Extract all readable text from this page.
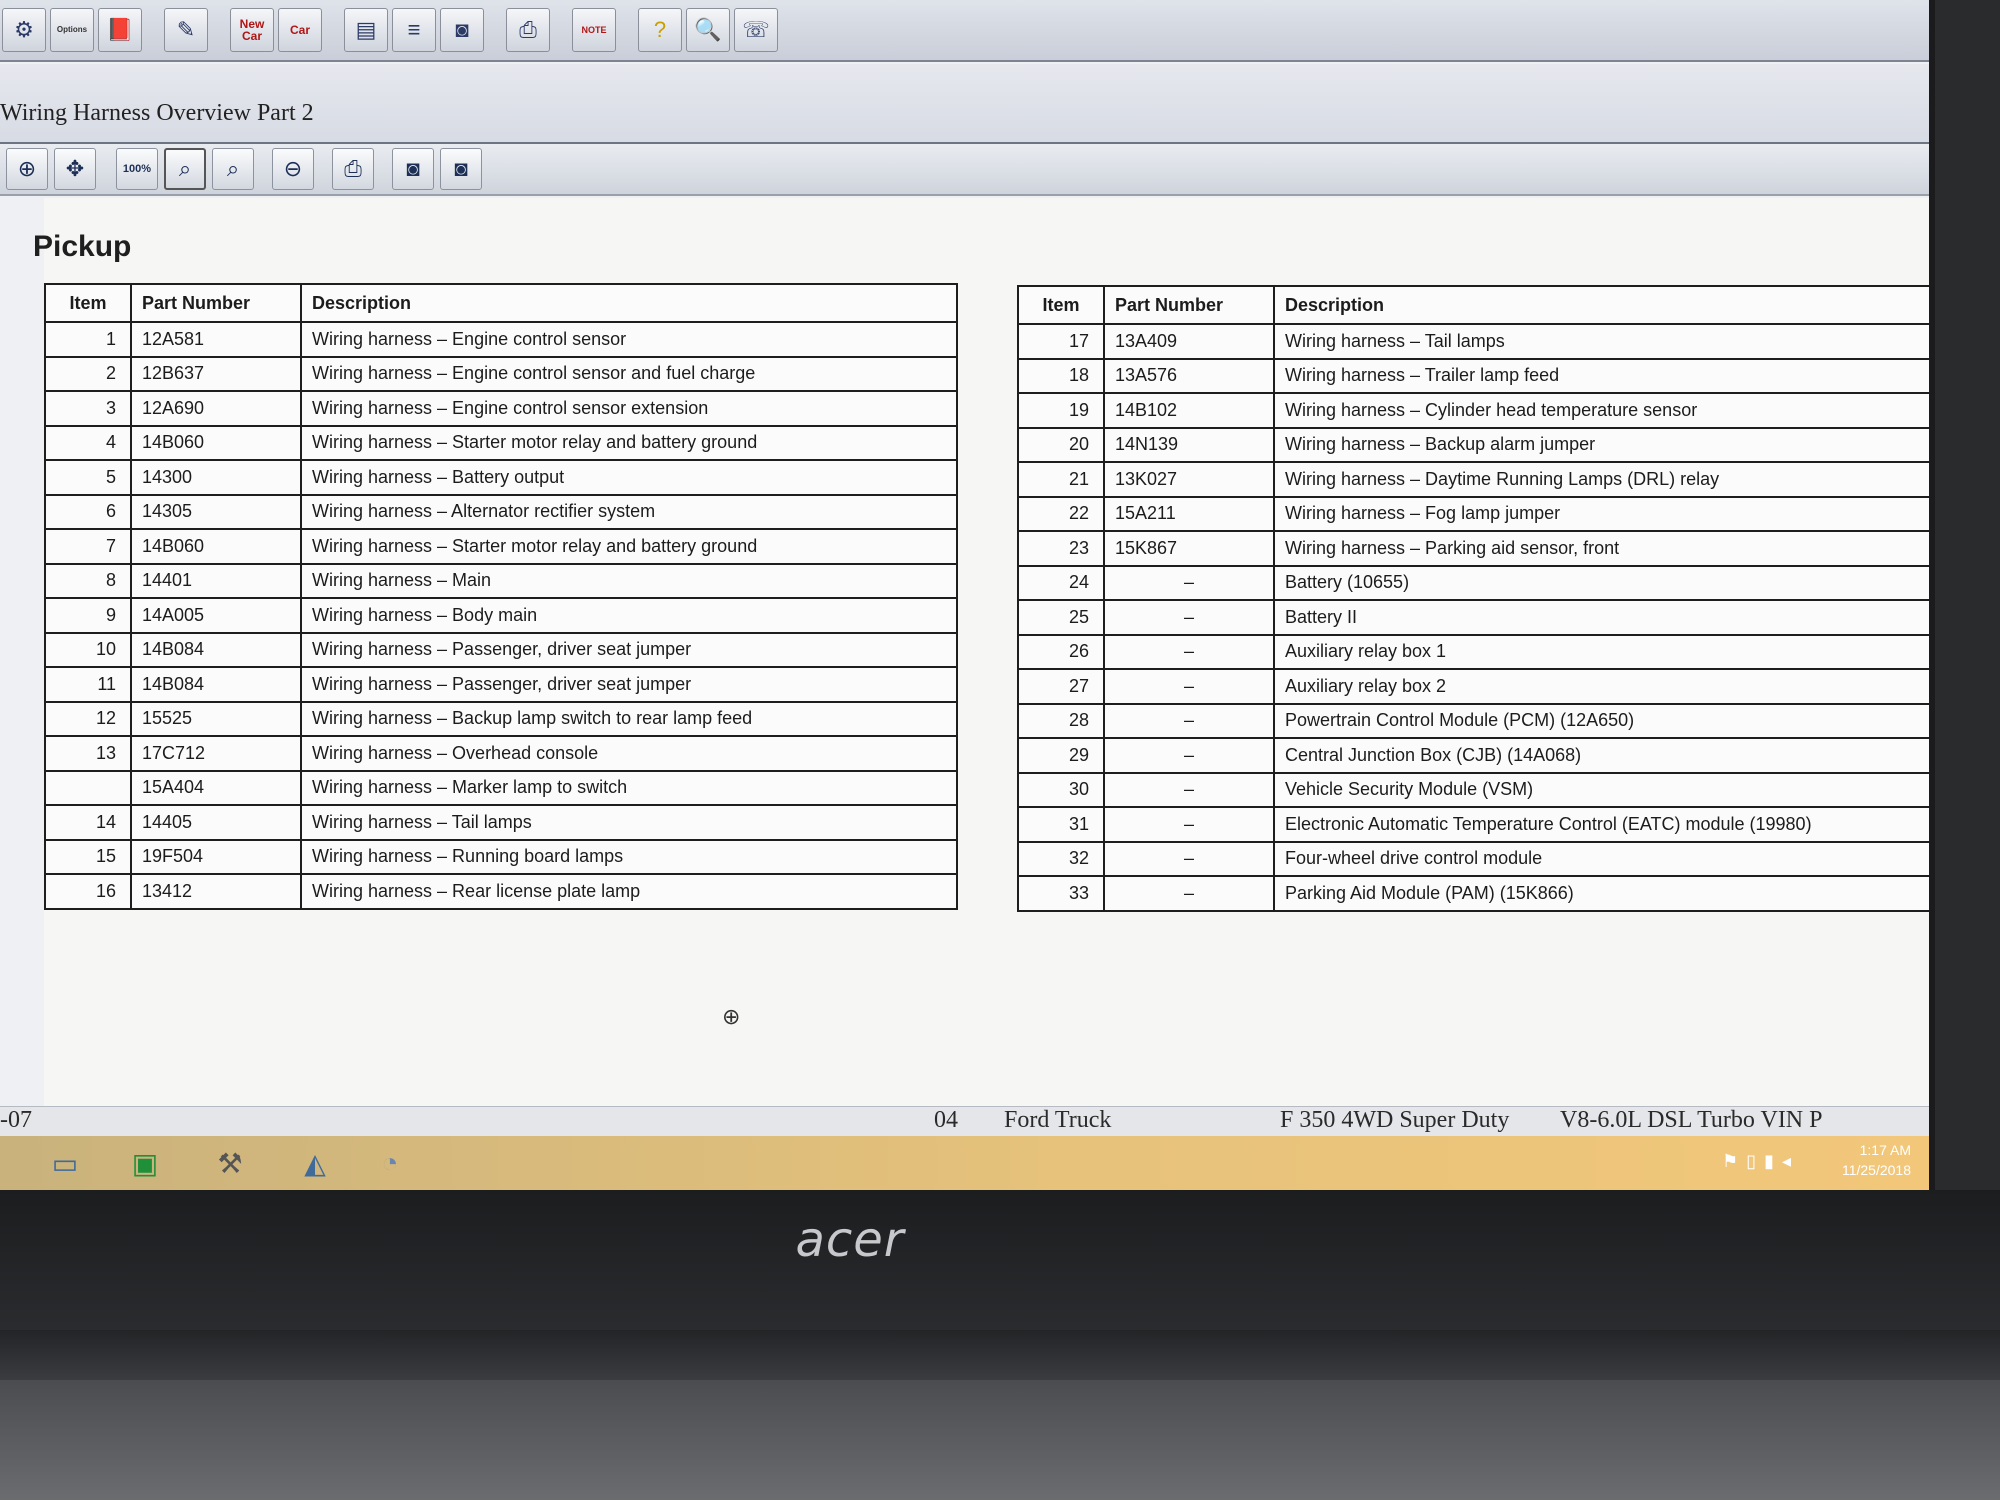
⚙	Options 📕	✎	New Car	Car	▤	≡	◙	⎙	NOTE	?	🔍 ☏
Wiring Harness Overview Part 2
⊕	✥	100%	⌕	⌕	⊖	⎙	◙	◙
Pickup
Item	Part Number	Description
1	12A581	Wiring harness – Engine control sensor
2	12B637	Wiring harness – Engine control sensor and fuel charge
3	12A690	Wiring harness – Engine control sensor extension
4	14B060	Wiring harness – Starter motor relay and battery ground
5	14300	Wiring harness – Battery output
6	14305	Wiring harness – Alternator rectifier system
7	14B060	Wiring harness – Starter motor relay and battery ground
8	14401	Wiring harness – Main
9	14A005	Wiring harness – Body main
10	14B084	Wiring harness – Passenger, driver seat jumper
11	14B084	Wiring harness – Passenger, driver seat jumper
12	15525	Wiring harness – Backup lamp switch to rear lamp feed
13	17C712	Wiring harness – Overhead console
	15A404	Wiring harness – Marker lamp to switch
14	14405	Wiring harness – Tail lamps
15	19F504	Wiring harness – Running board lamps
16	13412	Wiring harness – Rear license plate lamp
Item	Part Number	Description
17	13A409	Wiring harness – Tail lamps
18	13A576	Wiring harness – Trailer lamp feed
19	14B102	Wiring harness – Cylinder head temperature sensor
20	14N139	Wiring harness – Backup alarm jumper
21	13K027	Wiring harness – Daytime Running Lamps (DRL) relay
22	15A211	Wiring harness – Fog lamp jumper
23	15K867	Wiring harness – Parking aid sensor, front
24	–	Battery (10655)
25	–	Battery II
26	–	Auxiliary relay box 1
27	–	Auxiliary relay box 2
28	–	Powertrain Control Module (PCM) (12A650)
29	–	Central Junction Box (CJB) (14A068)
30	–	Vehicle Security Module (VSM)
31	–	Electronic Automatic Temperature Control (EATC) module (19980)
32	–	Four-wheel drive control module
33	–	Parking Aid Module (PAM) (15K866)
⊕
-07	04 Ford Truck	F 350 4WD Super Duty V8-6.0L DSL Turbo VIN P
▭	▣	⚒	◭	◔	⚑▯▮◂
1:17 AM
11/25/2018
acer
